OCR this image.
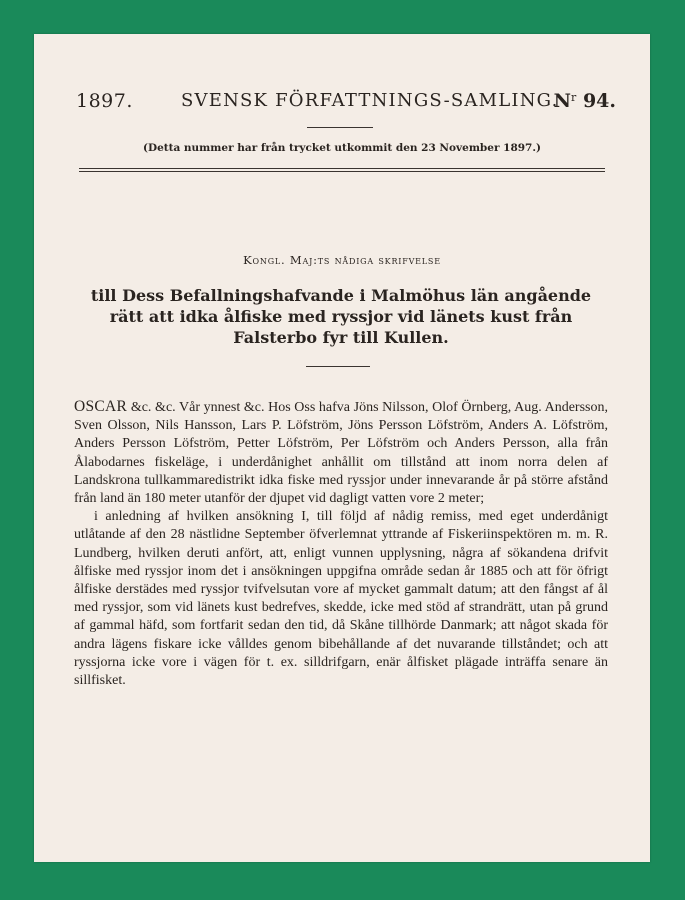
1897.	SVENSK FÖRFATTNINGS-SAMLING.
$N^r$ 94.
(Detta nummer har från trycket utkommit den 23 November 1897.)
Kongl. Maj:ts nådiga skrifvelse
till Dess Befallningshafvande i Malmöhus län angående rätt att idka ålfiske med ryssjor vid länets kust från Falsterbo fyr till Kullen.

OSCAR &c. &c. Vår ynnest &c. Hos Oss hafva Jöns Nilsson, Olof Örnberg, Aug. Andersson, Sven Olsson, Nils Hansson, Lars P. Löfström, Jöns Persson Löfström, Anders A. Löfström, Anders Persson Löfström, Petter Löfström, Per Löfström och Anders Persson, alla från Ålabodarnes fiskeläge, i underdånighet anhållit om tillstånd att inom norra delen af Landskrona tullkammaredistrikt idka fiske med ryssjor under innevarande år på större afstånd från land än 180 meter utanför der djupet vid dagligt vatten vore 2 meter;

i anledning af hvilken ansökning I, till följd af nådig remiss, med eget underdånigt utlåtande af den 28 nästlidne September öfverlemnat yttrande af Fiskeriinspektören m. m. R. Lundberg, hvilken deruti anfört, att, enligt vunnen upplysning, några af sökandena drifvit ålfiske med ryssjor inom det i ansökningen uppgifna område sedan år 1885 och att för öfrigt ålfiske derstädes med ryssjor tvifvelsutan vore af mycket gammalt datum; att den fångst af ål med ryssjor, som vid länets kust bedrefves, skedde, icke med stöd af strandrätt, utan på grund af gammal häfd, som fortfarit sedan den tid, då Skåne tillhörde Danmark; att något skada för andra lägens fiskare icke vålldes genom bibehållande af det nuvarande tillståndet; och att ryssjorna icke vore i vägen för t. ex. silldrifgarn, enär ålfisket plägade inträffa senare än sillfisket.
